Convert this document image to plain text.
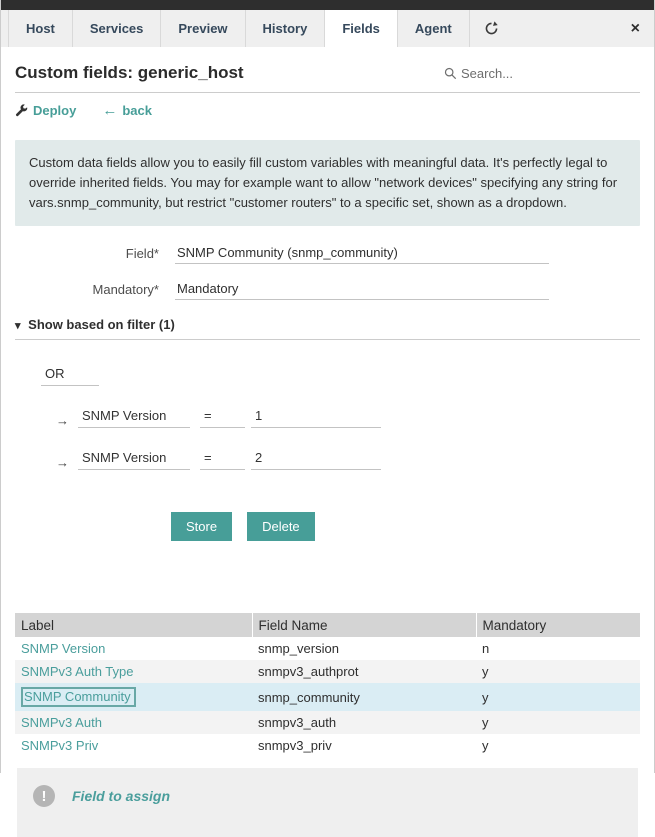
Host	Services	Preview	History	Fields	Agent	×
Custom fields: generic_host
Search...
Deploy ← back
Custom data fields allow you to easily fill custom variables with meaningful data. It's perfectly legal to override inherited fields. You may for example want to allow "network devices" specifying any string for vars.snmp_community, but restrict "customer routers" to a specific set, shown as a dropdown.
Field*	SNMP Community (snmp_community)
Mandatory*	Mandatory
▾ Show based on filter (1)
OR
→	SNMP Version	=	1
→	SNMP Version	=	2
Store	Delete
Label	Field Name	Mandatory
SNMP Version	snmp_version	n
SNMPv3 Auth Type	snmpv3_authprot	y
SNMP Community	snmp_community	y
SNMPv3 Auth	snmpv3_auth	y
SNMPv3 Priv	snmpv3_priv	y
!	Field to assign
